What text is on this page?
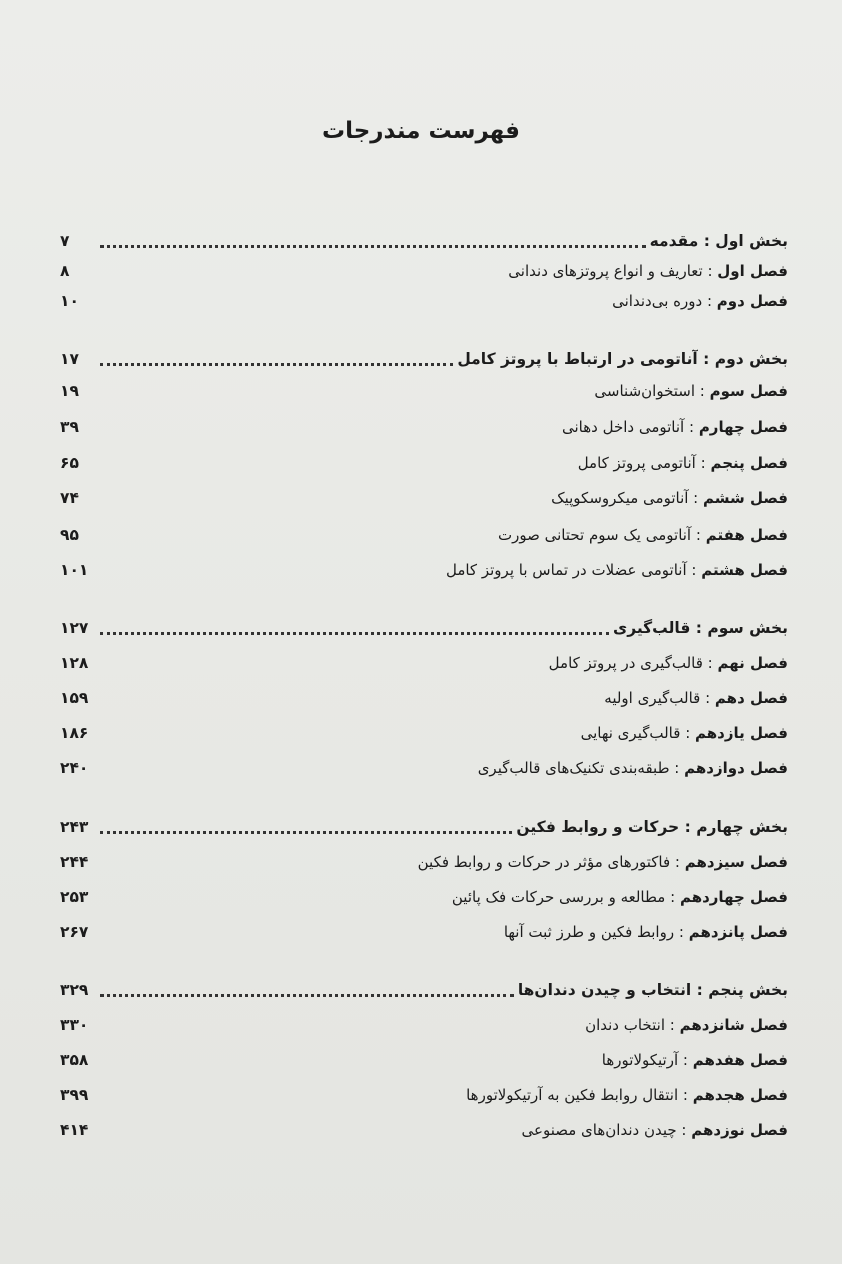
فهرست مندرجات
بخش اول : مقدمه
۷
فصل اول : تعاریف و انواع پروتزهای دندانی
۸
فصل دوم : دوره بی‌دندانی
۱۰
بخش دوم : آناتومی در ارتباط با پروتز کامل
۱۷
فصل سوم : استخوان‌شناسی
۱۹
فصل چهارم : آناتومی داخل دهانی
۳۹
فصل پنجم : آناتومی پروتز کامل
۶۵
فصل ششم : آناتومی میکروسکوپیک
۷۴
فصل هفتم : آناتومی یک سوم تحتانی صورت
۹۵
فصل هشتم : آناتومی عضلات در تماس با پروتز کامل
۱۰۱
بخش سوم : قالب‌گیری
۱۲۷
فصل نهم : قالب‌گیری در پروتز کامل
۱۲۸
فصل دهم : قالب‌گیری اولیه
۱۵۹
فصل یازدهم : قالب‌گیری نهایی
۱۸۶
فصل دوازدهم : طبقه‌بندی تکنیک‌های قالب‌گیری
۲۴۰
بخش چهارم : حرکات و روابط فکین
۲۴۳
فصل سیزدهم : فاکتورهای مؤثر در حرکات و روابط فکین
۲۴۴
فصل چهاردهم : مطالعه و بررسی حرکات فک پائین
۲۵۳
فصل پانزدهم : روابط فکین و طرز ثبت آنها
۲۶۷
بخش پنجم : انتخاب و چیدن دندان‌ها
۳۲۹
فصل شانزدهم : انتخاب دندان
۳۳۰
فصل هفدهم : آرتیکولاتورها
۳۵۸
فصل هجدهم : انتقال روابط فکین به آرتیکولاتورها
۳۹۹
فصل نوزدهم : چیدن دندان‌های مصنوعی
۴۱۴
